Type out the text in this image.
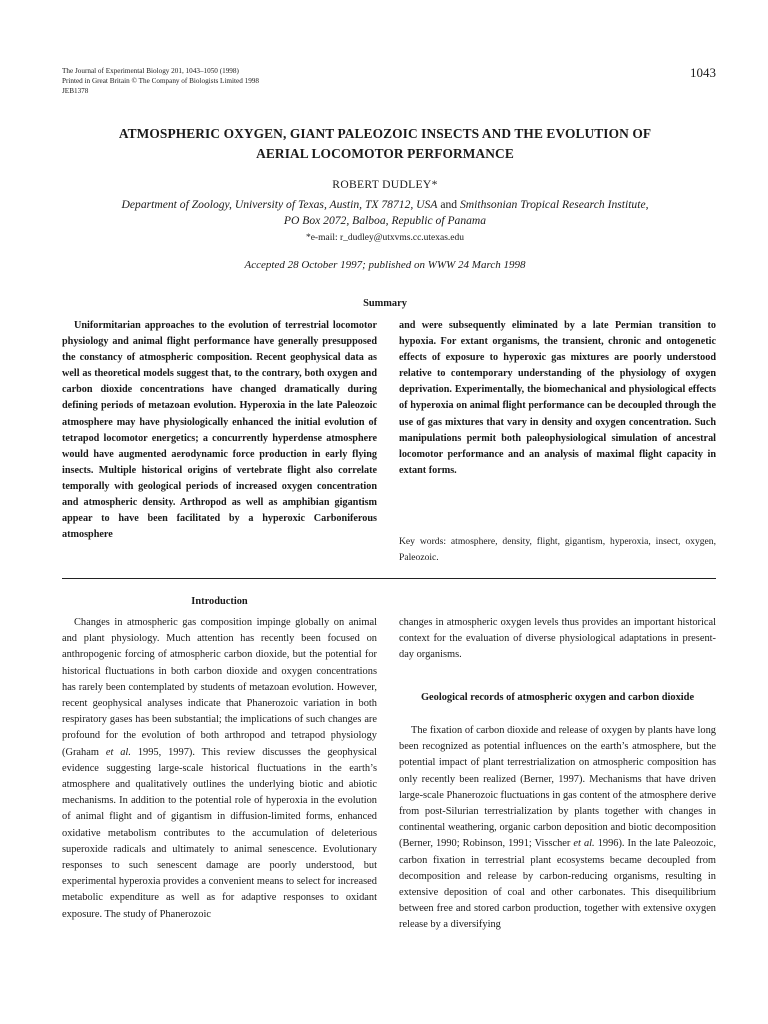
The Journal of Experimental Biology 201, 1043–1050 (1998)
Printed in Great Britain © The Company of Biologists Limited 1998
JEB1378
1043
ATMOSPHERIC OXYGEN, GIANT PALEOZOIC INSECTS AND THE EVOLUTION OF
AERIAL LOCOMOTOR PERFORMANCE
ROBERT DUDLEY*
Department of Zoology, University of Texas, Austin, TX 78712, USA and Smithsonian Tropical Research Institute,
PO Box 2072, Balboa, Republic of Panama
*e-mail: r_dudley@utxvms.cc.utexas.edu
Accepted 28 October 1997; published on WWW 24 March 1998
Summary
Uniformitarian approaches to the evolution of terrestrial locomotor physiology and animal flight performance have generally presupposed the constancy of atmospheric composition. Recent geophysical data as well as theoretical models suggest that, to the contrary, both oxygen and carbon dioxide concentrations have changed dramatically during defining periods of metazoan evolution. Hyperoxia in the late Paleozoic atmosphere may have physiologically enhanced the initial evolution of tetrapod locomotor energetics; a concurrently hyperdense atmosphere would have augmented aerodynamic force production in early flying insects. Multiple historical origins of vertebrate flight also correlate temporally with geological periods of increased oxygen concentration and atmospheric density. Arthropod as well as amphibian gigantism appear to have been facilitated by a hyperoxic Carboniferous atmosphere
and were subsequently eliminated by a late Permian transition to hypoxia. For extant organisms, the transient, chronic and ontogenetic effects of exposure to hyperoxic gas mixtures are poorly understood relative to contemporary understanding of the physiology of oxygen deprivation. Experimentally, the biomechanical and physiological effects of hyperoxia on animal flight performance can be decoupled through the use of gas mixtures that vary in density and oxygen concentration. Such manipulations permit both paleophysiological simulation of ancestral locomotor performance and an analysis of maximal flight capacity in extant forms.
Key words: atmosphere, density, flight, gigantism, hyperoxia, insect, oxygen, Paleozoic.
Introduction

Changes in atmospheric gas composition impinge globally on animal and plant physiology. Much attention has recently been focused on anthropogenic forcing of atmospheric carbon dioxide, but the potential for historical fluctuations in both carbon dioxide and oxygen concentrations has rarely been contemplated by students of metazoan evolution. However, recent geophysical analyses indicate that Phanerozoic variation in both respiratory gases has been substantial; the implications of such changes are profound for the evolution of both arthropod and tetrapod physiology (Graham et al. 1995, 1997). This review discusses the geophysical evidence suggesting large-scale historical fluctuations in the earth’s atmosphere and qualitatively outlines the underlying biotic and abiotic mechanisms. In addition to the potential role of hyperoxia in the evolution of animal flight and of gigantism in diffusion-limited forms, enhanced oxidative metabolism contributes to the accumulation of deleterious superoxide radicals and ultimately to animal senescence. Evolutionary responses to such senescent damage are poorly understood, but experimental hyperoxia provides a convenient means to select for increased metabolic expenditure as well as for adaptive responses to oxidant exposure. The study of Phanerozoic

changes in atmospheric oxygen levels thus provides an important historical context for the evaluation of diverse physiological adaptations in present-day organisms.
Geological records of atmospheric oxygen and carbon dioxide

The fixation of carbon dioxide and release of oxygen by plants have long been recognized as potential influences on the earth’s atmosphere, but the potential impact of plant terrestrialization on atmospheric composition has only recently been realized (Berner, 1997). Mechanisms that have driven large-scale Phanerozoic fluctuations in gas content of the atmosphere derive from post-Silurian terrestrialization by plants together with changes in continental weathering, organic carbon deposition and biotic decomposition (Berner, 1990; Robinson, 1991; Visscher et al. 1996). In the late Paleozoic, carbon fixation in terrestrial plant ecosystems became decoupled from decomposition and release by carbon-reducing organisms, resulting in extensive deposition of coal and other carbonates. This disequilibrium between free and stored carbon production, together with extensive oxygen release by a diversifying
